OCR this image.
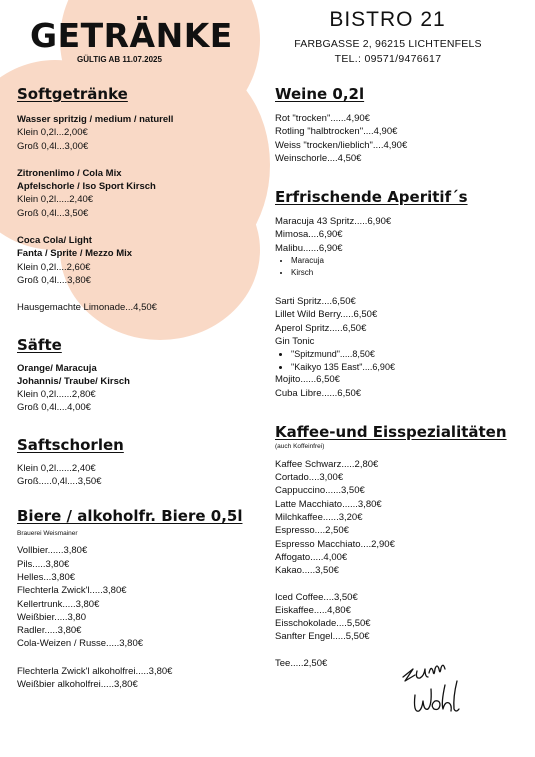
GETRÄNKE
GÜLTIG AB 11.07.2025
BISTRO 21
FARBGASSE 2, 96215 LICHTENFELS
TEL.: 09571/9476617
Softgetränke
Wasser spritzig / medium / naturell
Klein 0,2l...2,00€
Groß 0,4l...3,00€
Zitronenlimo / Cola Mix
Apfelschorle / Iso Sport Kirsch
Klein 0,2l.....2,40€
Groß 0,4l...3,50€
Coca Cola/ Light
Fanta / Sprite / Mezzo Mix
Klein 0,2l....2,60€
Groß 0,4l....3,80€
Hausgemachte Limonade...4,50€
Säfte
Orange/ Maracuja
Johannis/ Traube/ Kirsch
Klein 0,2l......2,80€
Groß 0,4l....4,00€
Saftschorlen
Klein 0,2l......2,40€
Groß.....0,4l....3,50€
Biere / alkoholfr. Biere 0,5l
Brauerei Weismainer
Vollbier......3,80€
Pils.....3,80€
Helles...3,80€
Flechterla Zwick'l.....3,80€
Kellertrunk.....3,80€
Weißbier.....3,80
Radler.....3,80€
Cola-Weizen / Russe.....3,80€
Flechterla Zwick'l alkoholfrei.....3,80€
Weißbier alkoholfrei.....3,80€
Weine 0,2l
Rot "trocken"......4,90€
Rotling "halbtrocken"....4,90€
Weiss "trocken/lieblich"....4,90€
Weinschorle....4,50€
Erfrischende Aperitif´s
Maracuja 43 Spritz.....6,90€
Mimosa....6,90€
Malibu......6,90€
• Maracuja
• Kirsch
Sarti Spritz....6,50€
Lillet Wild Berry.....6,50€
Aperol Spritz.....6,50€
Gin Tonic
• "Spitzmund".....8,50€
• "Kaikyo 135 East"....6,90€
Mojito......6,50€
Cuba Libre......6,50€
Kaffee-und Eisspezialitäten
(auch Koffeinfrei)
Kaffee Schwarz.....2,80€
Cortado....3,00€
Cappuccino......3,50€
Latte Macchiato......3,80€
Milchkaffee......3,20€
Espresso....2,50€
Espresso Macchiato....2,90€
Affogato.....4,00€
Kakao.....3,50€
Iced Coffee....3,50€
Eiskaffee.....4,80€
Eisschokolade....5,50€
Sanfter Engel.....5,50€
Tee.....2,50€
